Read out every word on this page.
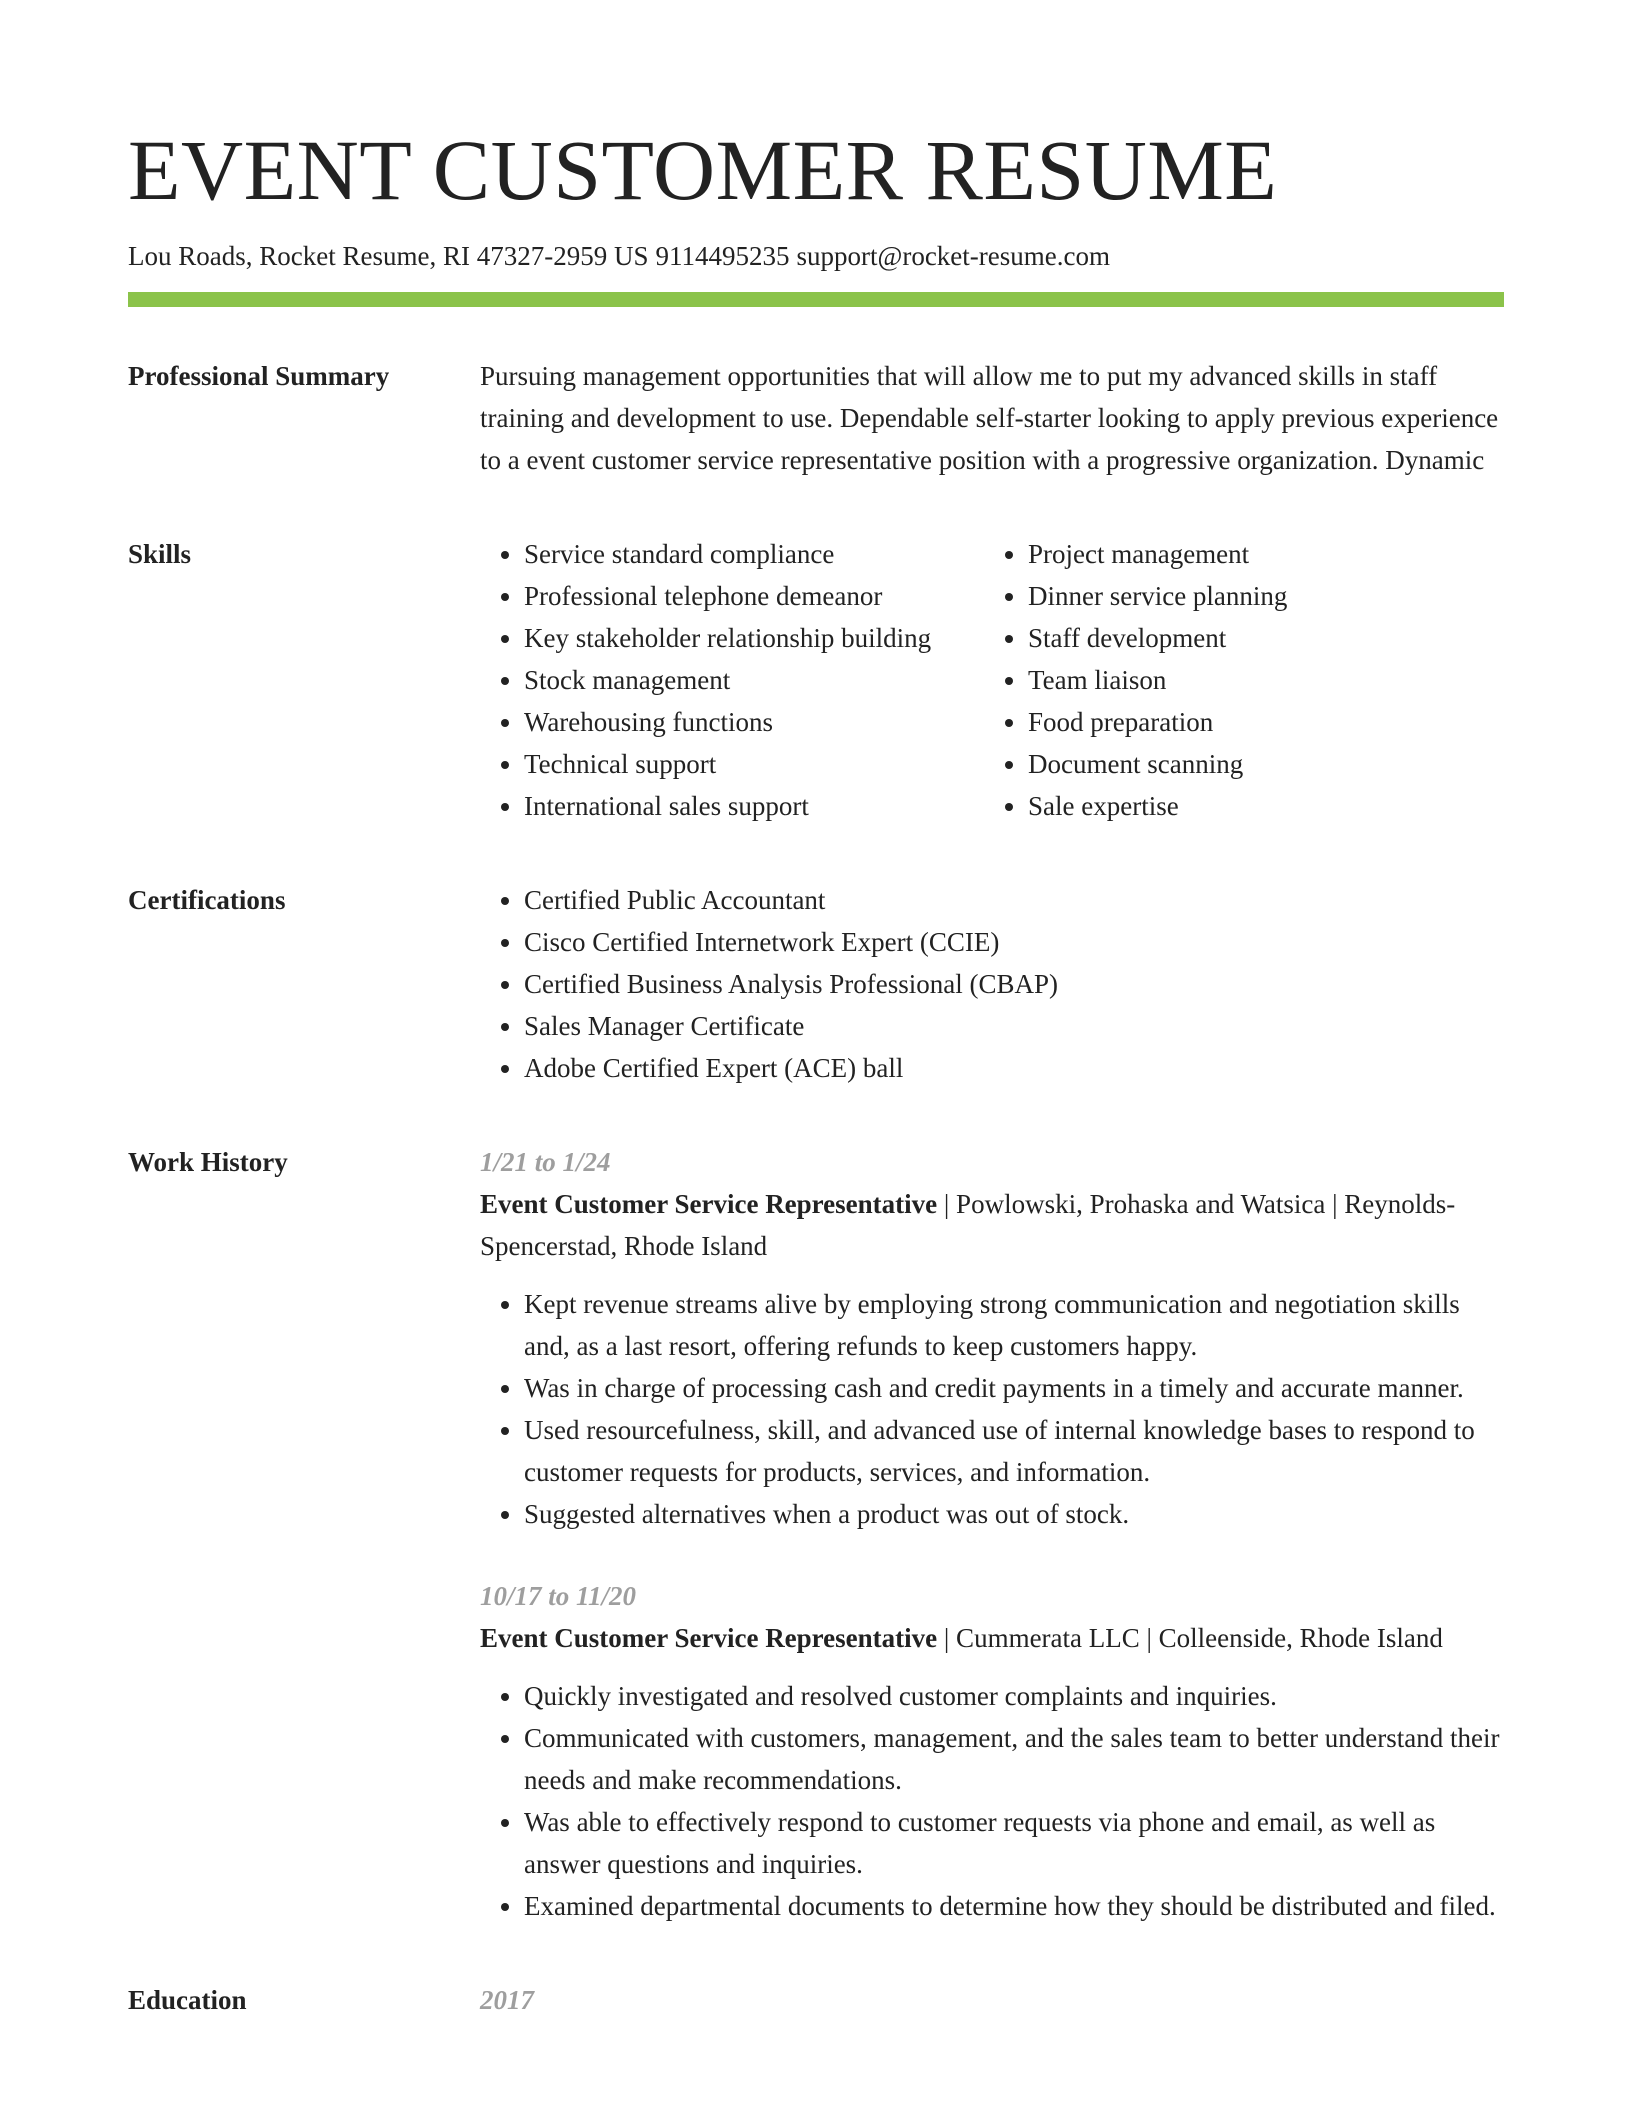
EVENT CUSTOMER RESUME
Lou Roads, Rocket Resume, RI 47327-2959 US 9114495235 support@rocket-resume.com
Professional Summary	Pursuing management opportunities that will allow me to put my advanced skills in staff training and development to use. Dependable self-starter looking to apply previous experience to a event customer service representative position with a progressive organization. Dynamic

Skills	• Service standard compliance
• Professional telephone demeanor
• Key stakeholder relationship building
• Stock management
• Warehousing functions
• Technical support
• International sales support
• Project management
• Dinner service planning
• Staff development
• Team liaison
• Food preparation
• Document scanning
• Sale expertise
Certifications	• Certified Public Accountant
• Cisco Certified Internetwork Expert (CCIE)
• Certified Business Analysis Professional (CBAP)
• Sales Manager Certificate
• Adobe Certified Expert (ACE) ball
Work History	1/21 to 1/24
Event Customer Service Representative | Powlowski, Prohaska and Watsica | Reynolds-Spencerstad, Rhode Island
• Kept revenue streams alive by employing strong communication and negotiation skills and, as a last resort, offering refunds to keep customers happy.
• Was in charge of processing cash and credit payments in a timely and accurate manner.
• Used resourcefulness, skill, and advanced use of internal knowledge bases to respond to customer requests for products, services, and information.
• Suggested alternatives when a product was out of stock.
10/17 to 11/20
Event Customer Service Representative | Cummerata LLC | Colleenside, Rhode Island
• Quickly investigated and resolved customer complaints and inquiries.
• Communicated with customers, management, and the sales team to better understand their needs and make recommendations.
• Was able to effectively respond to customer requests via phone and email, as well as answer questions and inquiries.
• Examined departmental documents to determine how they should be distributed and filed.
Education	2017
